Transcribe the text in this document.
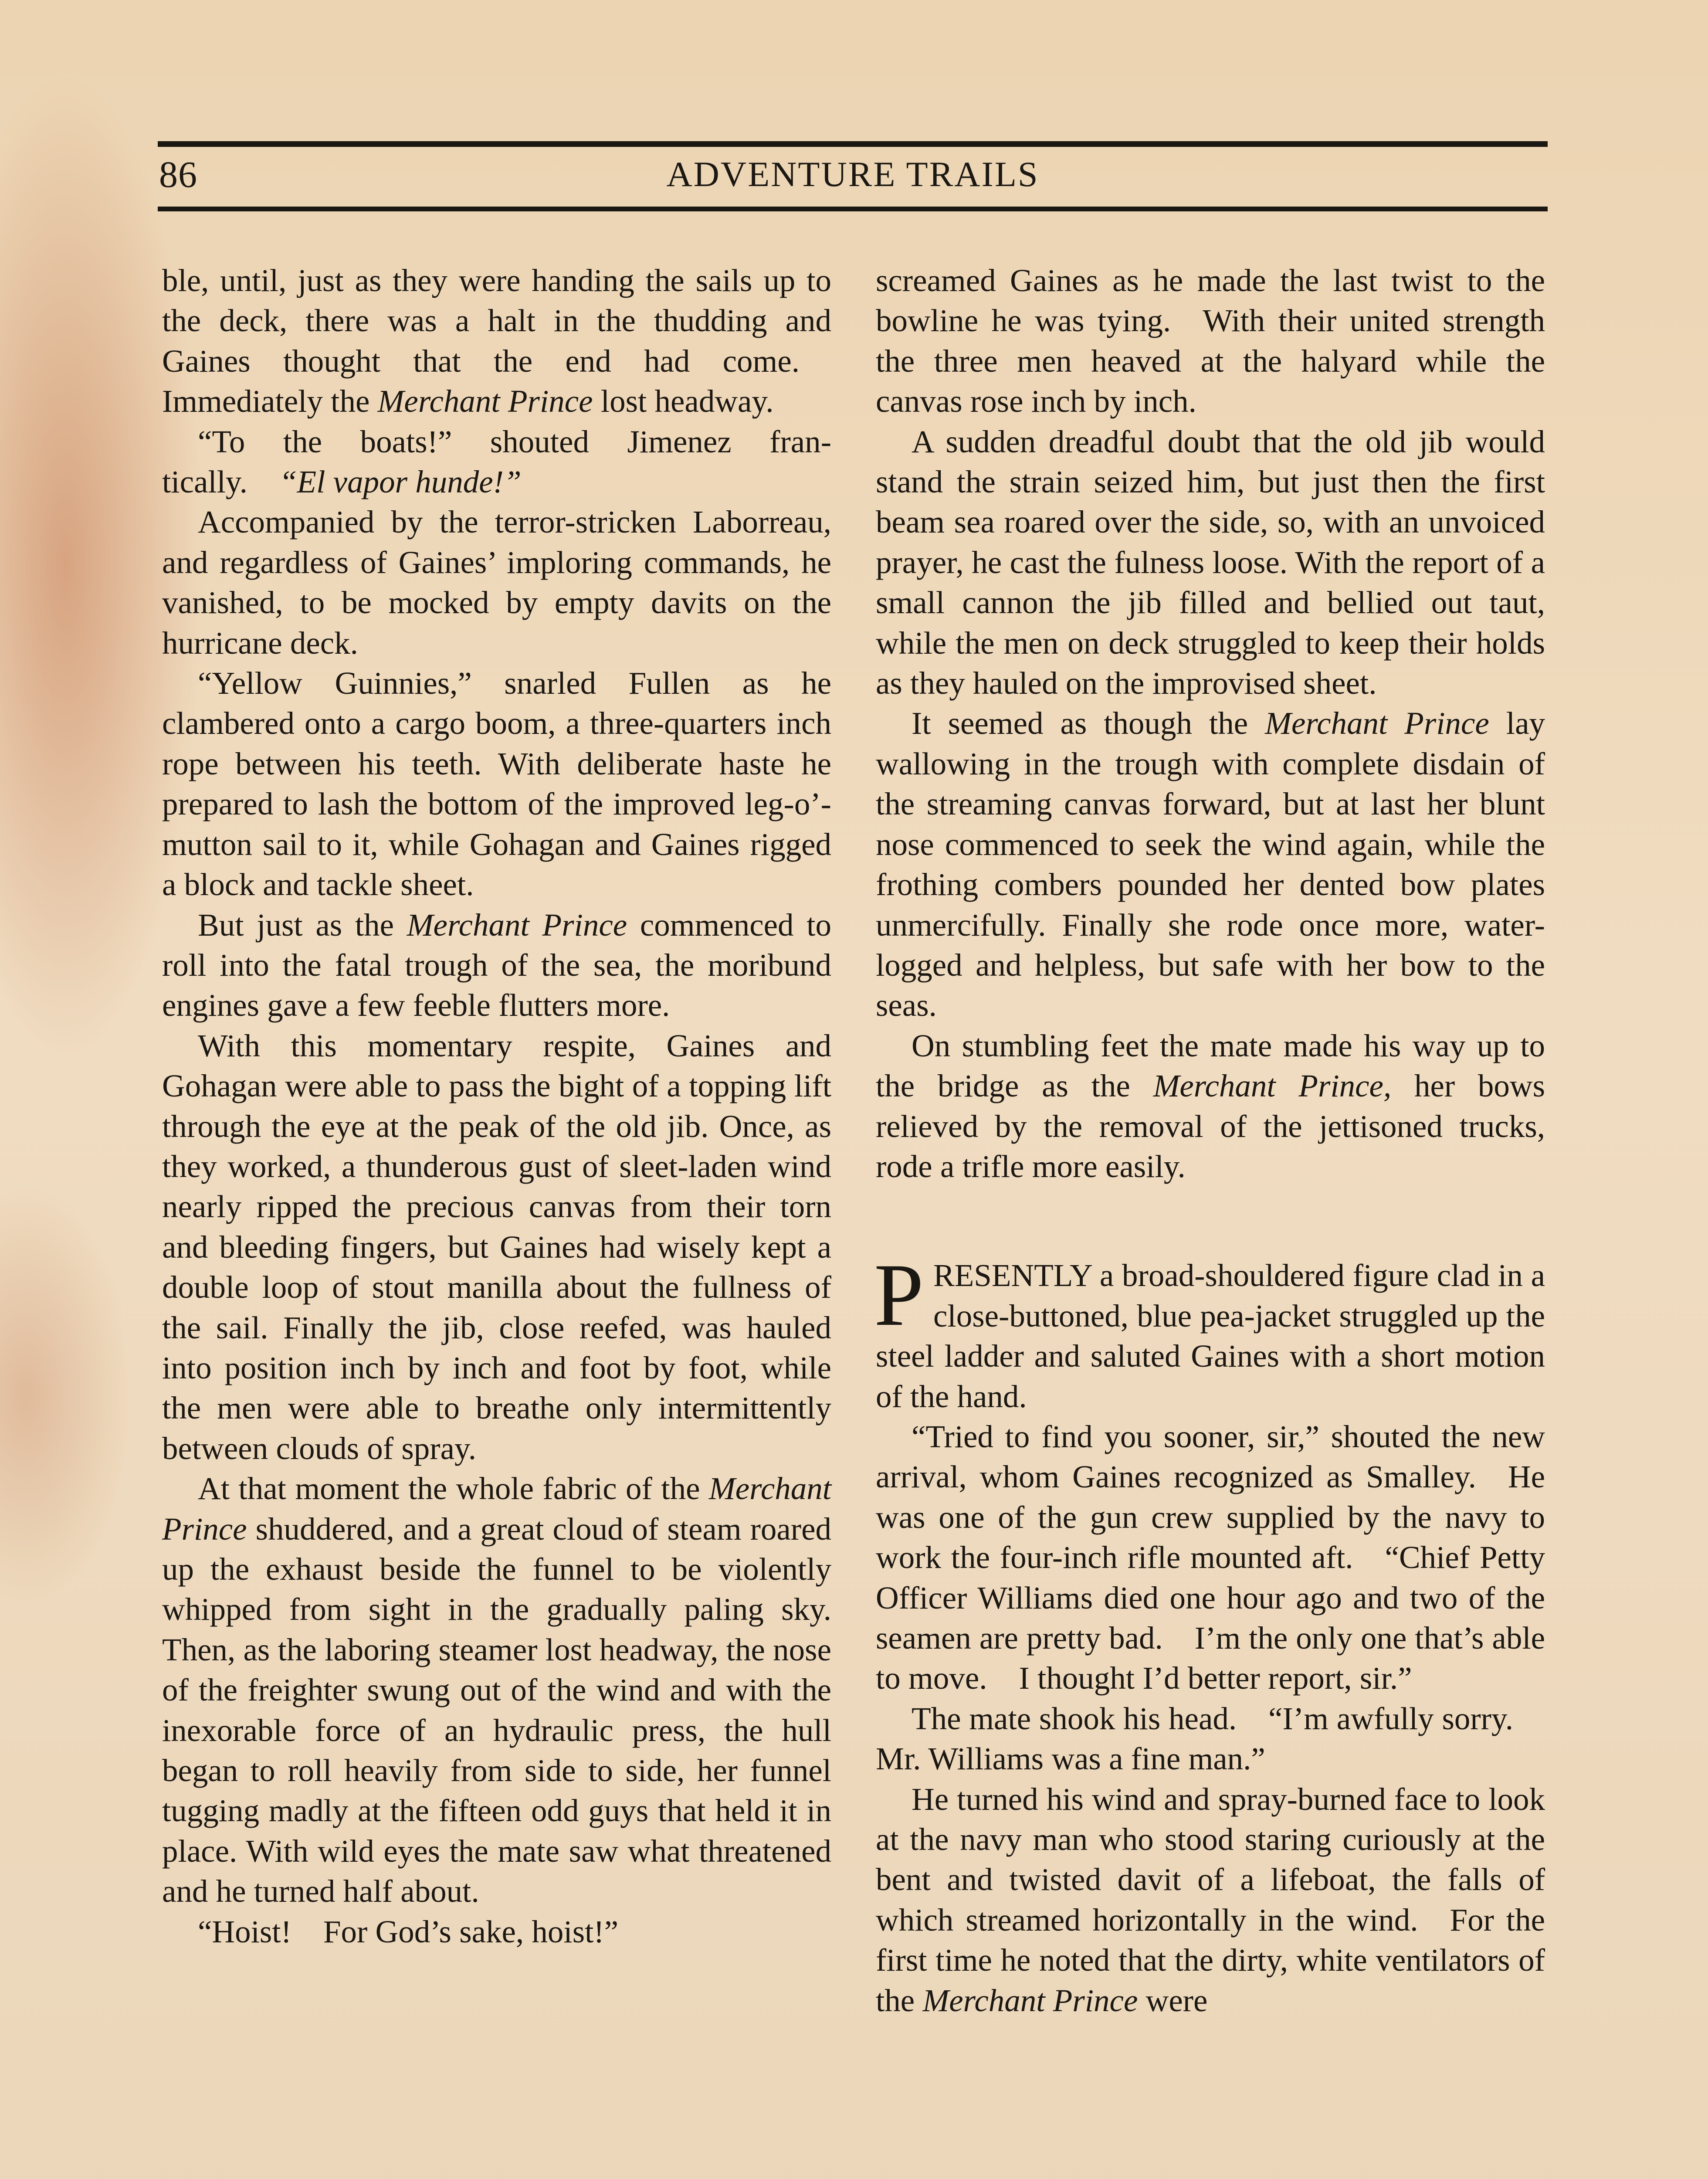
86	ADVENTURE TRAILS

ble, until, just as they were handing the sails up to the deck, there was a halt in the thudding and Gaines thought that the end had come. Immediately the Merchant Prince lost headway.

“To the boats!” shouted Jimenez frantically. “El vapor hunde!”

Accompanied by the terror-stricken Laborreau, and regardless of Gaines’ imploring commands, he vanished, to be mocked by empty davits on the hurricane deck.

“Yellow Guinnies,” snarled Fullen as he clambered onto a cargo boom, a three-quarters inch rope between his teeth. With deliberate haste he prepared to lash the bottom of the improved leg-o’-mutton sail to it, while Gohagan and Gaines rigged a block and tackle sheet.

But just as the Merchant Prince commenced to roll into the fatal trough of the sea, the moribund engines gave a few feeble flutters more.

With this momentary respite, Gaines and Gohagan were able to pass the bight of a topping lift through the eye at the peak of the old jib. Once, as they worked, a thunderous gust of sleet-laden wind nearly ripped the precious canvas from their torn and bleeding fingers, but Gaines had wisely kept a double loop of stout manilla about the fullness of the sail. Finally the jib, close reefed, was hauled into position inch by inch and foot by foot, while the men were able to breathe only intermittently between clouds of spray.

At that moment the whole fabric of the Merchant Prince shuddered, and a great cloud of steam roared up the exhaust beside the funnel to be violently whipped from sight in the gradually paling sky. Then, as the laboring steamer lost headway, the nose of the freighter swung out of the wind and with the inexorable force of an hydraulic press, the hull began to roll heavily from side to side, her funnel tugging madly at the fifteen odd guys that held it in place. With wild eyes the mate saw what threatened and he turned half about.

“Hoist! For God’s sake, hoist!”

screamed Gaines as he made the last twist to the bowline he was tying. With their united strength the three men heaved at the halyard while the canvas rose inch by inch.

A sudden dreadful doubt that the old jib would stand the strain seized him, but just then the first beam sea roared over the side, so, with an unvoiced prayer, he cast the fulness loose. With the report of a small cannon the jib filled and bellied out taut, while the men on deck struggled to keep their holds as they hauled on the improvised sheet.

It seemed as though the Merchant Prince lay wallowing in the trough with complete disdain of the streaming canvas forward, but at last her blunt nose commenced to seek the wind again, while the frothing combers pounded her dented bow plates unmercifully. Finally she rode once more, water-logged and helpless, but safe with her bow to the seas.

On stumbling feet the mate made his way up to the bridge as the Merchant Prince, her bows relieved by the removal of the jettisoned trucks, rode a trifle more easily.

PRESENTLY a broad-shouldered figure clad in a close-buttoned, blue pea-jacket struggled up the steel ladder and saluted Gaines with a short motion of the hand.

“Tried to find you sooner, sir,” shouted the new arrival, whom Gaines recognized as Smalley. He was one of the gun crew supplied by the navy to work the four-inch rifle mounted aft. “Chief Petty Officer Williams died one hour ago and two of the seamen are pretty bad. I’m the only one that’s able to move. I thought I’d better report, sir.”

The mate shook his head. “I’m awfully sorry. Mr. Williams was a fine man.”

He turned his wind and spray-burned face to look at the navy man who stood staring curiously at the bent and twisted davit of a lifeboat, the falls of which streamed horizontally in the wind. For the first time he noted that the dirty, white ventilators of the Merchant Prince were
